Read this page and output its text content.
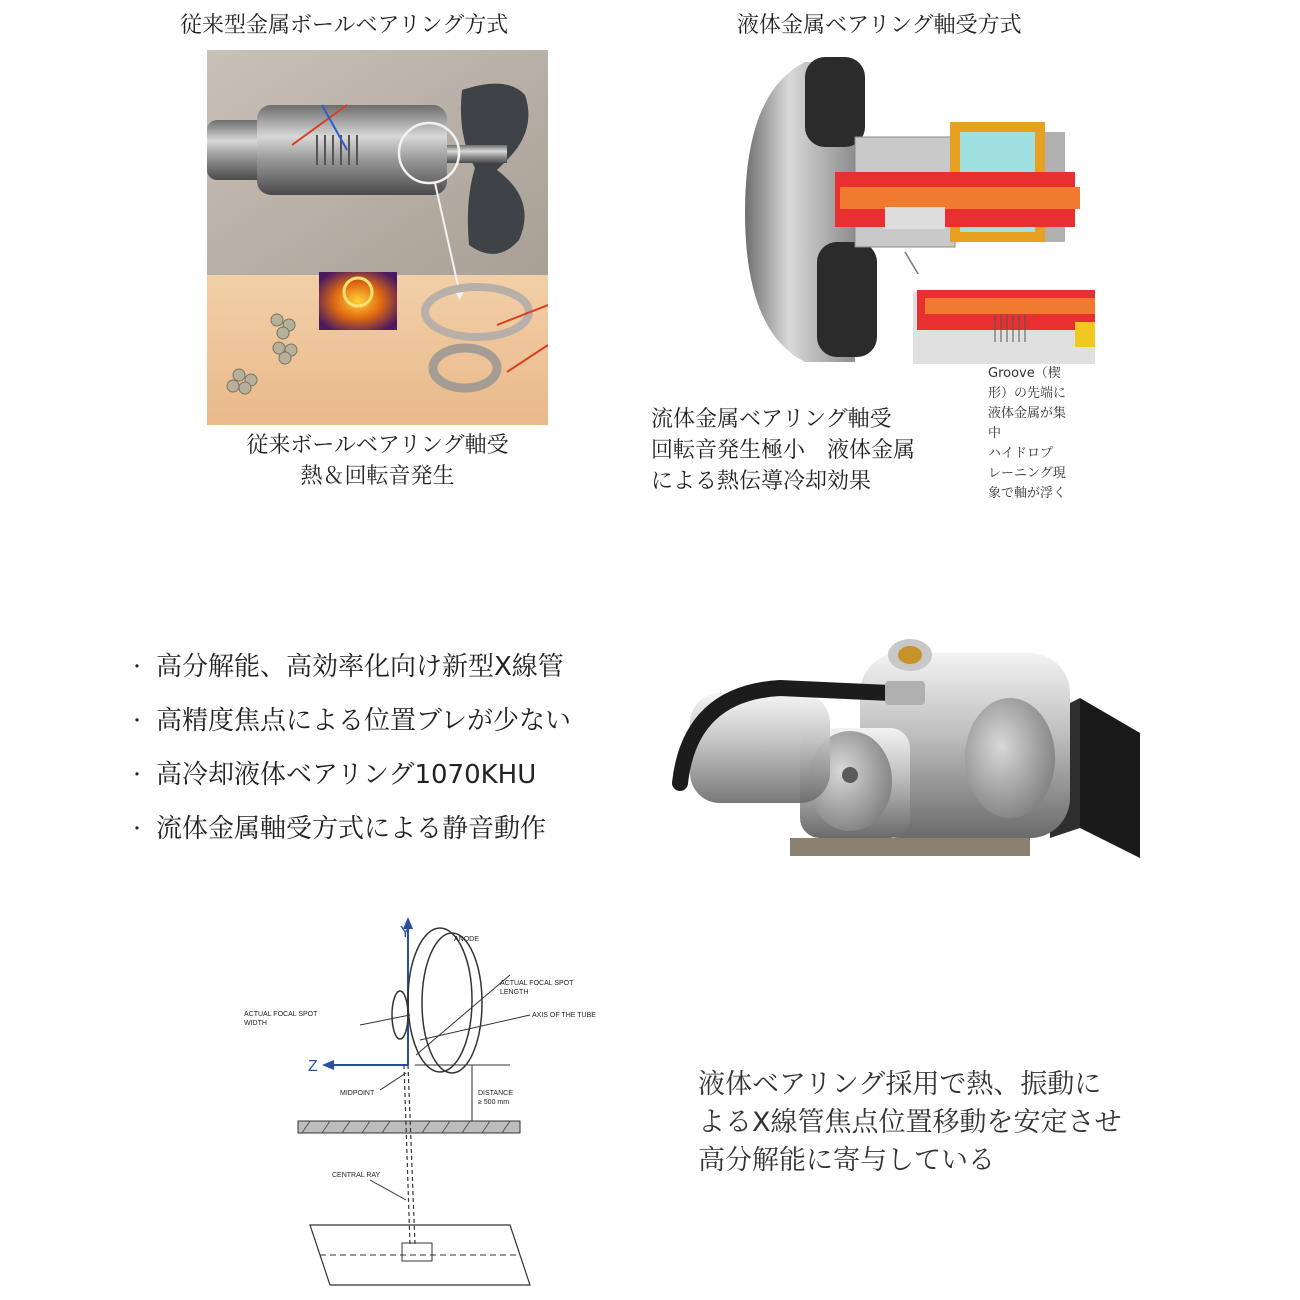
従来型金属ボールベアリング方式
従来ボールベアリング軸受
熱＆回転音発生
液体金属ベアリング軸受方式
流体金属ベアリング軸受
回転音発生極小　液体金属
による熱伝導冷却効果
Groove（楔
形）の先端に
液体金属が集
中
ハイドロプ
レーニング現
象で軸が浮く
・ 高分解能、高効率化向け新型X線管
・ 高精度焦点による位置ブレが少ない
・ 高冷却液体ベアリング1070KHU
・ 流体金属軸受方式による静音動作
Y
Z
ANODE
ACTUAL FOCAL SPOT
LENGTH
AXIS OF THE TUBE
ACTUAL FOCAL SPOT
WIDTH
MIDPOINT	DISTANCE
≥ 500 mm
CENTRAL RAY
液体ベアリング採用で熱、振動に
よるX線管焦点位置移動を安定させ
高分解能に寄与している
